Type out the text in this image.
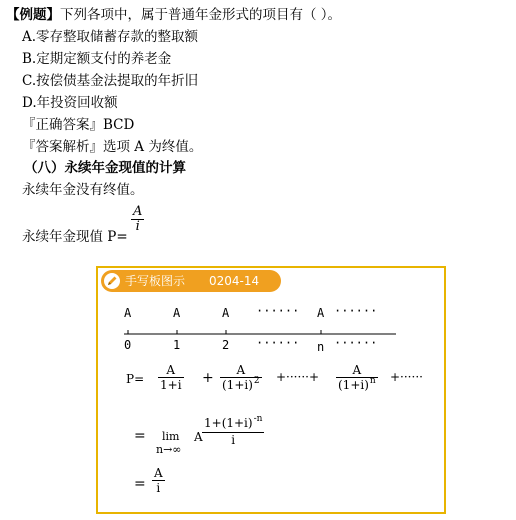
【例题】下列各项中，属于普通年金形式的项目有（ ）。
A.零存整取储蓄存款的整取额
B.定期定额支付的养老金
C.按偿债基金法提取的年折旧
D.年投资回收额
『正确答案』BCD
『答案解析』选项 A 为终值。
（八）永续年金现值的计算
永续年金没有终值。
永续年金现值 P=
A
i
手写板图示 0204-14
A	A	A ······ A ······
0	1	2 ······ n ······
P=
A
1+i + A
$(1+i)^2$ +······+	A
$(1+i)^n$ +······
= lim
n→∞
A
$1+(1+i)^{-n}$
i
=
A
i
